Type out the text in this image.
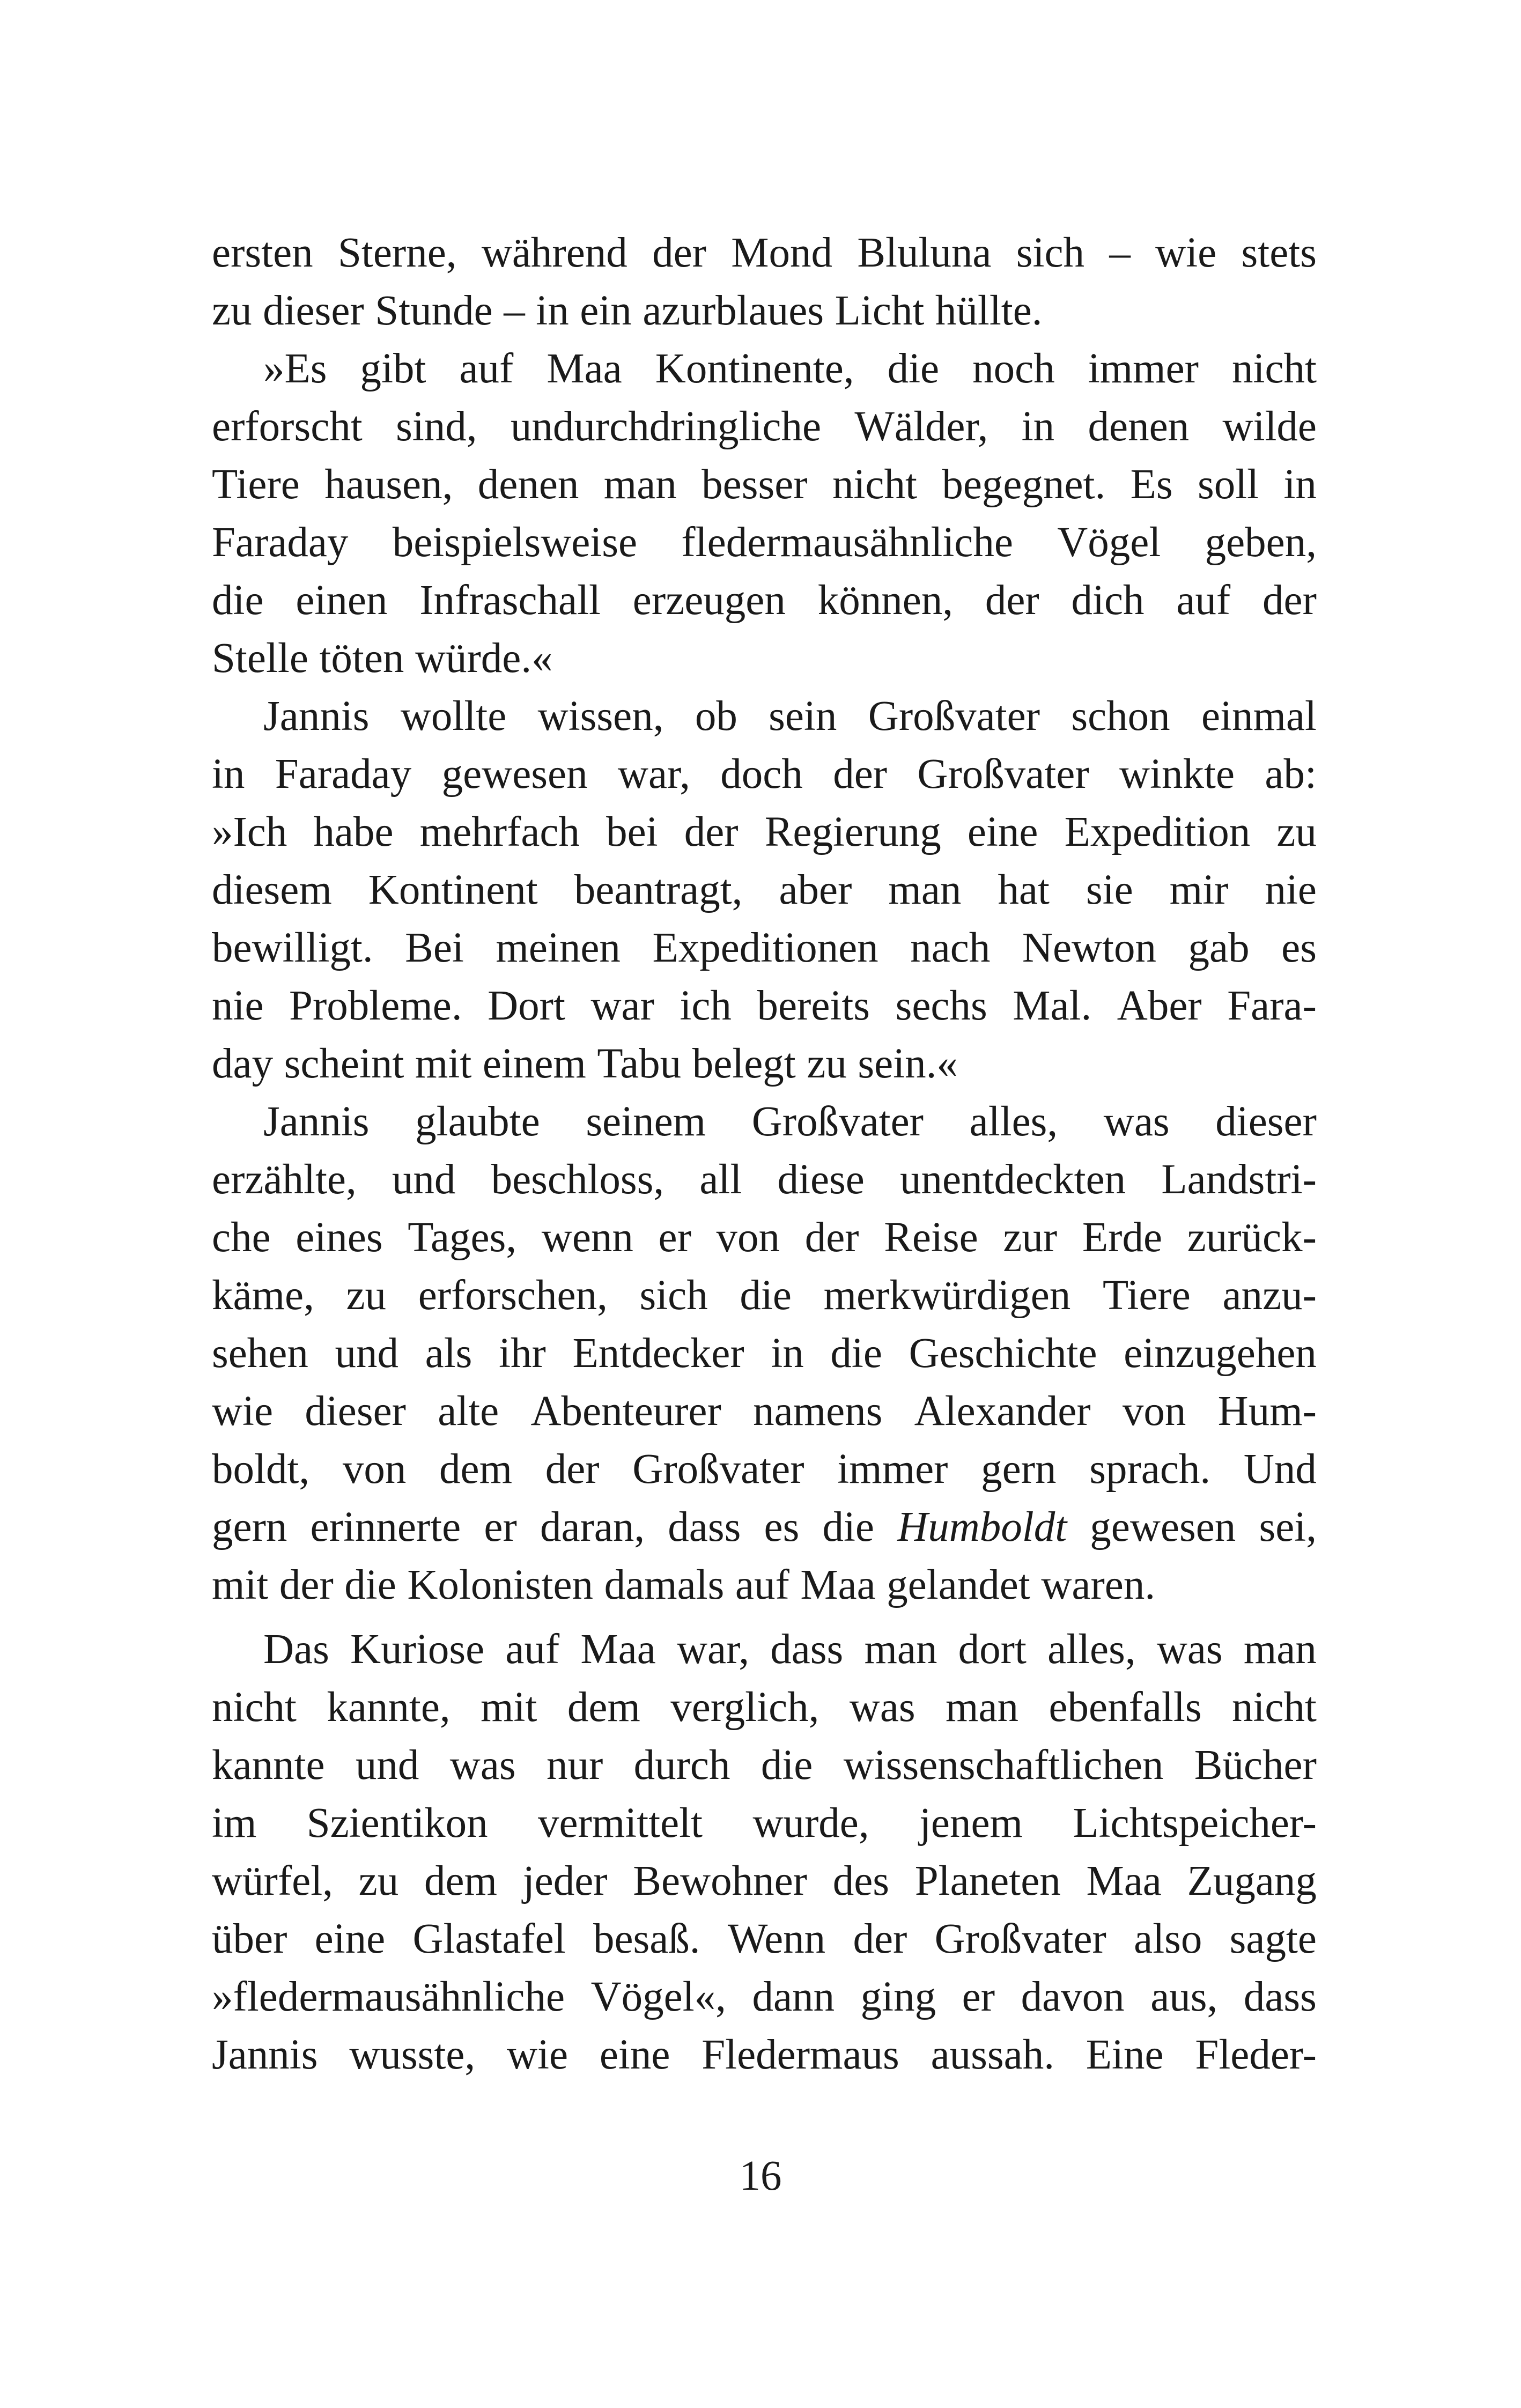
ersten Sterne, während der Mond Bluluna sich – wie stets
zu dieser Stunde – in ein azurblaues Licht hüllte.
»Es gibt auf Maa Kontinente, die noch immer nicht
erforscht sind, undurchdringliche Wälder, in denen wilde
Tiere hausen, denen man besser nicht begegnet. Es soll in
Faraday beispielsweise fledermausähnliche Vögel geben,
die einen Infraschall erzeugen können, der dich auf der
Stelle töten würde.«
Jannis wollte wissen, ob sein Großvater schon einmal
in Faraday gewesen war, doch der Großvater winkte ab:
»Ich habe mehrfach bei der Regierung eine Expedition zu
diesem Kontinent beantragt, aber man hat sie mir nie
bewilligt. Bei meinen Expeditionen nach Newton gab es
nie Probleme. Dort war ich bereits sechs Mal. Aber Fara-
day scheint mit einem Tabu belegt zu sein.«
Jannis glaubte seinem Großvater alles, was dieser
erzählte, und beschloss, all diese unentdeckten Landstri-
che eines Tages, wenn er von der Reise zur Erde zurück-
käme, zu erforschen, sich die merkwürdigen Tiere anzu-
sehen und als ihr Entdecker in die Geschichte einzugehen
wie dieser alte Abenteurer namens Alexander von Hum-
boldt, von dem der Großvater immer gern sprach. Und
gern erinnerte er daran, dass es die Humboldt gewesen sei,
mit der die Kolonisten damals auf Maa gelandet waren.
Das Kuriose auf Maa war, dass man dort alles, was man
nicht kannte, mit dem verglich, was man ebenfalls nicht
kannte und was nur durch die wissenschaftlichen Bücher
im Szientikon vermittelt wurde, jenem Lichtspeicher-
würfel, zu dem jeder Bewohner des Planeten Maa Zugang
über eine Glastafel besaß. Wenn der Großvater also sagte
»fledermausähnliche Vögel«, dann ging er davon aus, dass
Jannis wusste, wie eine Fledermaus aussah. Eine Fleder-
16
